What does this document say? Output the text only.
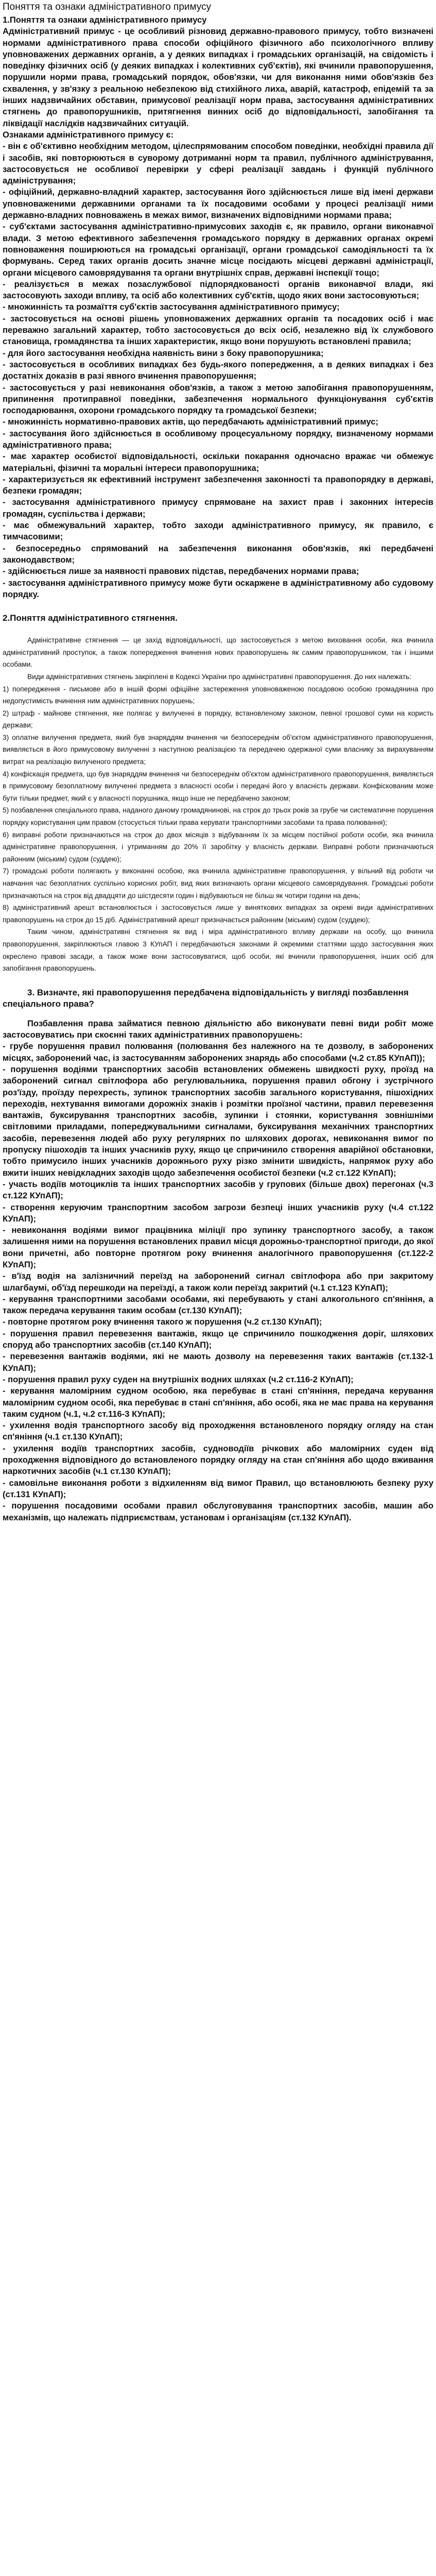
Поняття та ознаки адміністративного примусу

1.Поняття та ознаки адміністративного примусу

Адміністративний примус - це особливий різновид державно-правового примусу, тобто визначені нормами адміністративного права способи офіційного фізичного або психологічного впливу уповноважених державних органів, а у деяких випадках і громадських організацій, на свідомість і поведінку фізичних осіб (у деяких випадках і колективних суб'єктів), які вчинили правопорушення, порушили норми права, громадський порядок, обов'язки, чи для виконання ними обов'язків без схвалення, у зв'язку з реальною небезпекою від стихійного лиха, аварій, катастроф, епідемій та за інших надзвичайних обставин, примусової реалізації норм права, застосування адміністративних стягнень до правопорушників, притягнення винних осіб до відповідальності, запобігання та ліквідації наслідків надзвичайних ситуацій.

Ознаками адміністративного примусу є:

- він є об'єктивно необхідним методом, цілеспрямованим способом поведінки, необхідні правила дії і засобів, які повторюються в суворому дотриманні норм та правил, публічного адміністрування, застосовується не особливої перевірки у сфері реалізації завдань і функцій публічного адміністрування;

- офіційний, державно-владний характер, застосування його здійснюється лише від імені держави уповноваженими державними органами та їх посадовими особами у процесі реалізації ними державно-владних повноважень в межах вимог, визначених відповідними нормами права;

- суб'єктами застосування адміністративно-примусових заходів є, як правило, органи виконавчої влади. З метою ефективного забезпечення громадського порядку в державних органах окремі повноваження поширюються на громадські організації, органи громадської самодіяльності та їх формувань. Серед таких органів досить значне місце посідають місцеві державні адміністрації, органи місцевого самоврядування та органи внутрішніх справ, державні інспекції тощо;

- реалізується в межах позаслужбової підпорядкованості органів виконавчої влади, які застосовують заходи впливу, та осіб або колективних суб'єктів, щодо яких вони застосовуються;

- множинність та розмаїття суб'єктів застосування адміністративного примусу;

- застосовується на основі рішень уповноважених державних органів та посадових осіб і має переважно загальний характер, тобто застосовується до всіх осіб, незалежно від їх службового становища, громадянства та інших характеристик, якщо вони порушують встановлені правила;

- для його застосування необхідна наявність вини з боку правопорушника;

- застосовується в особливих випадках без будь-якого попередження, а в деяких випадках і без достатніх доказів в разі явного вчинення правопорушення;

- застосовується у разі невиконання обов'язків, а також з метою запобігання правопорушенням, припинення протиправної поведінки, забезпечення нормального функціонування суб'єктів господарювання, охорони громадського порядку та громадської безпеки;

- множинність нормативно-правових актів, що передбачають адміністративний примус;

- застосування його здійснюється в особливому процесуальному порядку, визначеному нормами адміністративного права;

- має характер особистої відповідальності, оскільки покарання одночасно вражає чи обмежує матеріальні, фізичні та моральні інтереси правопорушника;

- характеризується як ефективний інструмент забезпечення законності та правопорядку в державі, безпеки громадян;

- застосування адміністративного примусу спрямоване на захист прав і законних інтересів громадян, суспільства і держави;

- має обмежувальний характер, тобто заходи адміністративного примусу, як правило, є тимчасовими;

- безпосередньо спрямований на забезпечення виконання обов'язків, які передбачені законодавством;

- здійснюється лише за наявності правових підстав, передбачених нормами права;

- застосування адміністративного примусу може бути оскаржене в адміністративному або судовому порядку.

2.Поняття адміністративного стягнення.

Адміністративне стягнення — це захід відповідальності, що застосовується з метою виховання особи, яка вчинила адміністративний проступок, а також попередження вчинення нових правопорушень як самим правопорушником, так і іншими особами.

Види адміністративних стягнень закріплені в Кодексі України про адміністративні правопорушення. До них належать:

1) попередження - письмове або в іншій формі офіційне застереження уповноваженою посадовою особою громадянина про недопустимість вчинення ним адміністративних порушень;

2) штраф - майнове стягнення, яке полягає у вилученні в порядку, встановленому законом, певної грошової суми на користь держави;

3) оплатне вилучення предмета, який був знаряддям вчинення чи безпосереднім об'єктом адміністративного правопорушення, виявляється в його примусовому вилученні з наступною реалізацією та передачею одержаної суми власнику за вирахуванням витрат на реалізацію вилученого предмета;

4) конфіскація предмета, що був знаряддям вчинення чи безпосереднім об'єктом адміністративного правопорушення, виявляється в примусовому безоплатному вилученні предмета з власності особи і передачі його у власність держави. Конфіскованим може бути тільки предмет, який є у власності порушника, якщо інше не передбачено законом;

5) позбавлення спеціального права, наданого даному громадянинові, на строк до трьох років за грубе чи систематичне порушення порядку користування цим правом (стосується тільки права керувати транспортними засобами та права полювання);

6) виправні роботи призначаються на строк до двох місяців з відбуванням їх за місцем постійної роботи особи, яка вчинила адміністративне правопорушення, і утриманням до 20% її заробітку у власність держави. Виправні роботи призначаються районним (міським) судом (суддею);

7) громадські роботи полягають у виконанні особою, яка вчинила адміністративне правопорушення, у вільний від роботи чи навчання час безоплатних суспільно корисних робіт, вид яких визначають органи місцевого самоврядування. Громадські роботи призначаються на строк від двадцяти до шістдесяти годин і відбуваються не більш як чотири години на день;

8) адміністративний арешт встановлюється і застосовується лише у виняткових випадках за окремі види адміністративних правопорушень на строк до 15 діб. Адміністративний арешт призначається районним (міським) судом (суддею);

Таким чином, адміністративні стягнення як вид і міра адміністративного впливу держави на особу, що вчинила правопорушення, закріплюються главою 3 КУпАП і передбачаються законами й окремими статтями щодо застосування яких окреслено правові засади, а також може вони застосовуватися, щоб особи, які вчинили правопорушення, інших осіб для запобігання правопорушень.

3. Визначте, які правопорушення передбачена відповідальність у вигляді позбавлення спеціального права?

Позбавлення права займатися певною діяльністю або виконувати певні види робіт може застосовуватись при скоєнні таких адміністративних правопорушень:

- грубе порушення правил полювання (полювання без належного на те дозволу, в заборонених місцях, заборонений час, із застосуванням заборонених знарядь або способами (ч.2 ст.85 КУпАП));

- порушення водіями транспортних засобів встановлених обмежень швидкості руху, проїзд на заборонений сигнал світлофора або регулювальника, порушення правил обгону і зустрічного роз'їзду, проїзду перехресть, зупинок транспортних засобів загального користування, пішохідних переходів, нехтування вимогами дорожніх знаків і розмітки проїзної частини, правил перевезення вантажів, буксирування транспортних засобів, зупинки і стоянки, користування зовнішніми світловими приладами, попереджувальними сигналами, букcирування механічних транспортних засобів, перевезення людей або руху регулярних по шляхових дорогах, невиконання вимог по пропуску пішоходів та інших учасників руху, якщо це спричинило створення аварійної обстановки, тобто примусило інших учасників дорожнього руху різко змінити швидкість, напрямок руху або вжити інших невідкладних заходів щодо забезпечення особистої безпеки (ч.2 ст.122 КУпАП);

- участь водіїв мотоциклів та інших транспортних засобів у групових (більше двох) перегонах (ч.3 ст.122 КУпАП);

- створення керуючим транспортним засобом загрози безпеці інших учасників руху (ч.4 ст.122 КУпАП);

- невиконання водіями вимог працівника міліції про зупинку транспортного засобу, а також залишення ними на порушення встановлених правил місця дорожньо-транспортної пригоди, до якої вони причетні, або повторне протягом року вчинення аналогічного правопорушення (ст.122-2 КУпАП);

- в'їзд водія на залізничний переїзд на заборонений сигнал світлофора або при закритому шлагбаумі, об'їзд перешкоди на переїзді, а також коли переїзд закритий (ч.1 ст.123 КУпАП);

- керування транспортними засобами особами, які перебувають у стані алкогольного сп'яніння, а також передача керування таким особам (ст.130 КУпАП);

- повторне протягом року вчинення такого ж порушення (ч.2 ст.130 КУпАП);

- порушення правил перевезення вантажів, якщо це спричинило пошкодження доріг, шляхових споруд або транспортних засобів (ст.140 КУпАП);

- перевезення вантажів водіями, які не мають дозволу на перевезення таких вантажів (ст.132-1 КУпАП);

- порушення правил руху суден на внутрішніх водних шляхах (ч.2 ст.116-2 КУпАП);

- керування маломірним судном особою, яка перебуває в стані сп'яніння, передача керування маломірним судном особі, яка перебуває в стані сп'яніння, або особі, яка не має права на керування таким судном (ч.1, ч.2 ст.116-3 КУпАП);

- ухилення водія транспортного засобу від проходження встановленого порядку огляду на стан сп'яніння (ч.1 ст.130 КУпАП);

- ухилення водіїв транспортних засобів, судноводіїв річкових або маломірних суден від проходження відповідного до встановленого порядку огляду на стан сп'яніння або щодо вживання наркотичних засобів (ч.1 ст.130 КУпАП);

- самовільне виконання роботи з відхиленням від вимог Правил, що встановлюють безпеку руху (ст.131 КУпАП);

- порушення посадовими особами правил обслуговування транспортних засобів, машин або механізмів, що належать підприємствам, установам і організаціям (ст.132 КУпАП).
